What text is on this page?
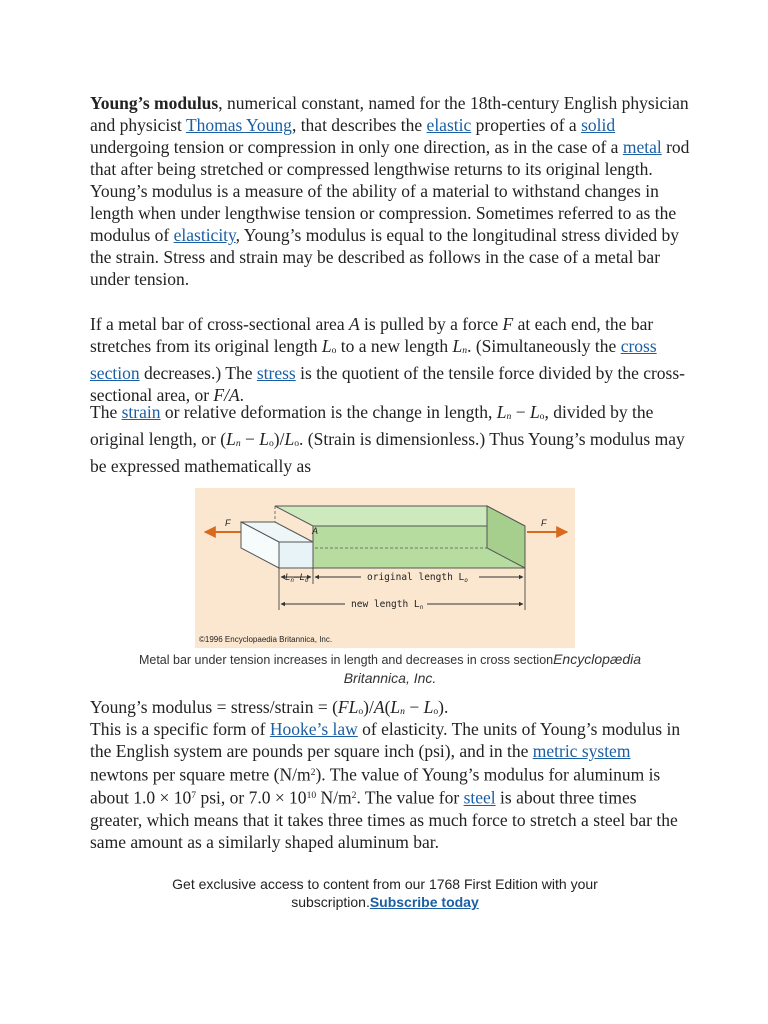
Young’s modulus, numerical constant, named for the 18th-century English physician and physicist Thomas Young, that describes the elastic properties of a solid undergoing tension or compression in only one direction, as in the case of a metal rod that after being stretched or compressed lengthwise returns to its original length. Young’s modulus is a measure of the ability of a material to withstand changes in length when under lengthwise tension or compression. Sometimes referred to as the modulus of elasticity, Young’s modulus is equal to the longitudinal stress divided by the strain. Stress and strain may be described as follows in the case of a metal bar under tension.

If a metal bar of cross-sectional area A is pulled by a force F at each end, the bar stretches from its original length Lo to a new length Ln. (Simultaneously the cross section decreases.) The stress is the quotient of the tensile force divided by the cross-sectional area, or F/A.

The strain or relative deformation is the change in length, Ln − Lo, divided by the original length, or (Ln − Lo)/Lo. (Strain is dimensionless.) Thus Young’s modulus may be expressed mathematically as

F	F
A
$L_n-L_o$	original length $L_o$
new length $L_n$
©1996 Encyclopaedia Britannica, Inc.
Metal bar under tension increases in length and decreases in cross sectionEncyclopædia Britannica, Inc.

Young’s modulus = stress/strain = (FLo)/A(Ln − Lo).

This is a specific form of Hooke’s law of elasticity. The units of Young’s modulus in the English system are pounds per square inch (psi), and in the metric system newtons per square metre $(N/m^2)$. The value of Young’s modulus for aluminum is about $1.0 \times 10^7$ psi, or $7.0 \times 10^{10}$ $N/m^2$. The value for steel is about three times greater, which means that it takes three times as much force to stretch a steel bar the same amount as a similarly shaped aluminum bar.

Get exclusive access to content from our 1768 First Edition with your subscription.Subscribe today
